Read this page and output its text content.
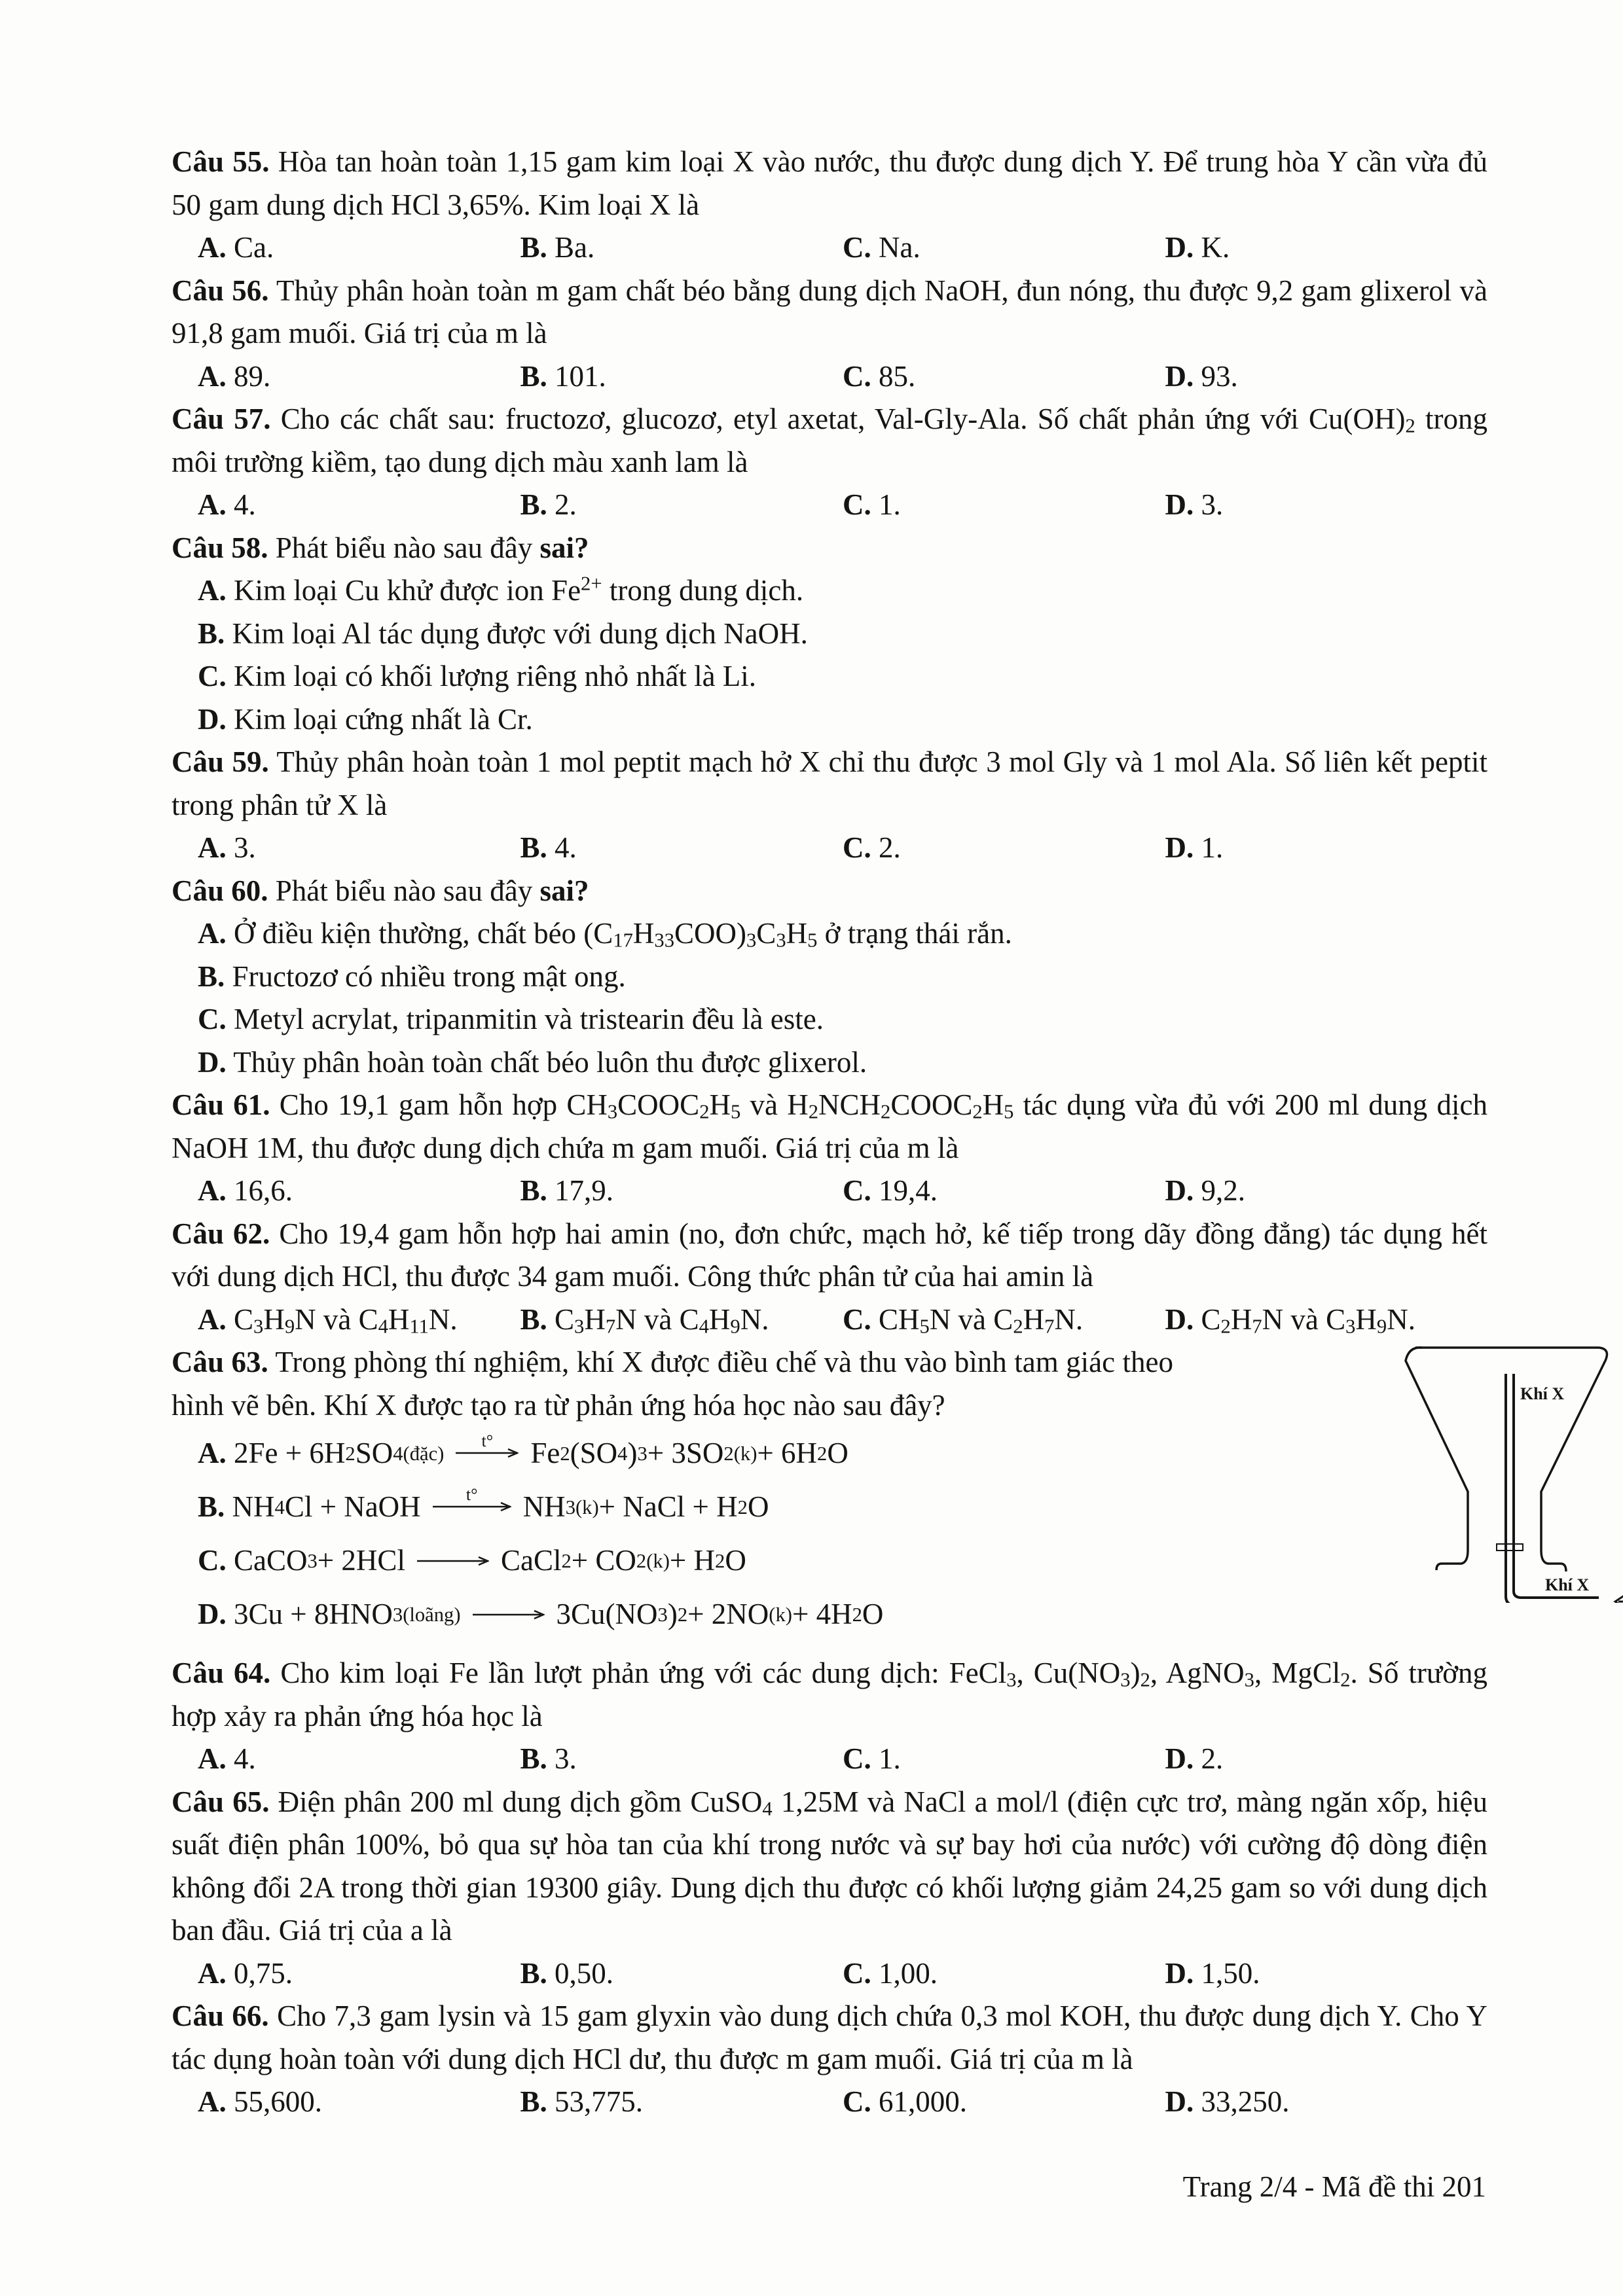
Câu 55. Hòa tan hoàn toàn 1,15 gam kim loại X vào nước, thu được dung dịch Y. Để trung hòa Y cần vừa đủ 50 gam dung dịch HCl 3,65%. Kim loại X là
A. Ca.	B. Ba.	C. Na.	D. K.
Câu 56. Thủy phân hoàn toàn m gam chất béo bằng dung dịch NaOH, đun nóng, thu được 9,2 gam glixerol và 91,8 gam muối. Giá trị của m là
A. 89.	B. 101.	C. 85.	D. 93.
Câu 57. Cho các chất sau: fructozơ, glucozơ, etyl axetat, Val-Gly-Ala. Số chất phản ứng với $Cu(OH)_2$ trong môi trường kiềm, tạo dung dịch màu xanh lam là
A. 4.	B. 2.	C. 1.	D. 3.
Câu 58. Phát biểu nào sau đây sai?
A. Kim loại Cu khử được ion $Fe^{2+}$ trong dung dịch.
B. Kim loại Al tác dụng được với dung dịch NaOH.
C. Kim loại có khối lượng riêng nhỏ nhất là Li.
D. Kim loại cứng nhất là Cr.
Câu 59. Thủy phân hoàn toàn 1 mol peptit mạch hở X chỉ thu được 3 mol Gly và 1 mol Ala. Số liên kết peptit trong phân tử X là
A. 3.	B. 4.	C. 2.	D. 1.
Câu 60. Phát biểu nào sau đây sai?
A. Ở điều kiện thường, chất béo $(C_{17}H_{33}COO)_3C_3H_5$ ở trạng thái rắn.
B. Fructozơ có nhiều trong mật ong.
C. Metyl acrylat, tripanmitin và tristearin đều là este.
D. Thủy phân hoàn toàn chất béo luôn thu được glixerol.
Câu 61. Cho 19,1 gam hỗn hợp $CH_3COOC_2H_5$ và $H_2NCH_2COOC_2H_5$ tác dụng vừa đủ với 200 ml dung dịch NaOH 1M, thu được dung dịch chứa m gam muối. Giá trị của m là
A. 16,6.	B. 17,9.	C. 19,4.	D. 9,2.
Câu 62. Cho 19,4 gam hỗn hợp hai amin (no, đơn chức, mạch hở, kế tiếp trong dãy đồng đẳng) tác dụng hết với dung dịch HCl, thu được 34 gam muối. Công thức phân tử của hai amin là
A. $C_3H_9N$ và $C_4H_{11}N$.	B. $C_3H_7N$ và $C_4H_9N$.	C. $CH_5N$ và $C_2H_7N$.	D. $C_2H_7N$ và $C_3H_9N$.
Câu 63. Trong phòng thí nghiệm, khí X được điều chế và thu vào bình tam giác theo hình vẽ bên. Khí X được tạo ra từ phản ứng hóa học nào sau đây?
A.
2Fe + 6H 2 SO 4(đặc)
t° Fe 2 (SO 4 ) 3 + 3SO 2(k) + 6H 2 O
B.
NH 4 Cl + NaOH	t° NH 3(k) + NaCl + H 2 O
C.
CaCO 3 + 2HCl → CaCl 2 + CO 2(k) + H 2 O
D.
3Cu + 8HNO 3(loãng) → 3Cu(NO 3 ) 2 + 2NO (k) + 4H 2 O
Khí X
Khí X
Câu 64. Cho kim loại Fe lần lượt phản ứng với các dung dịch: FeCl$_3$, $Cu(NO_3)_2$, AgNO$_3$, MgCl$_2$. Số trường hợp xảy ra phản ứng hóa học là
A. 4.	B. 3.	C. 1.	D. 2.
Câu 65. Điện phân 200 ml dung dịch gồm CuSO$_4$ 1,25M và NaCl a mol/l (điện cực trơ, màng ngăn xốp, hiệu suất điện phân 100%, bỏ qua sự hòa tan của khí trong nước và sự bay hơi của nước) với cường độ dòng điện không đổi 2A trong thời gian 19300 giây. Dung dịch thu được có khối lượng giảm 24,25 gam so với dung dịch ban đầu. Giá trị của a là
A. 0,75.	B. 0,50.	C. 1,00.	D. 1,50.
Câu 66. Cho 7,3 gam lysin và 15 gam glyxin vào dung dịch chứa 0,3 mol KOH, thu được dung dịch Y. Cho Y tác dụng hoàn toàn với dung dịch HCl dư, thu được m gam muối. Giá trị của m là
A. 55,600.	B. 53,775.	C. 61,000.	D. 33,250.
Trang 2/4 - Mã đề thi 201
